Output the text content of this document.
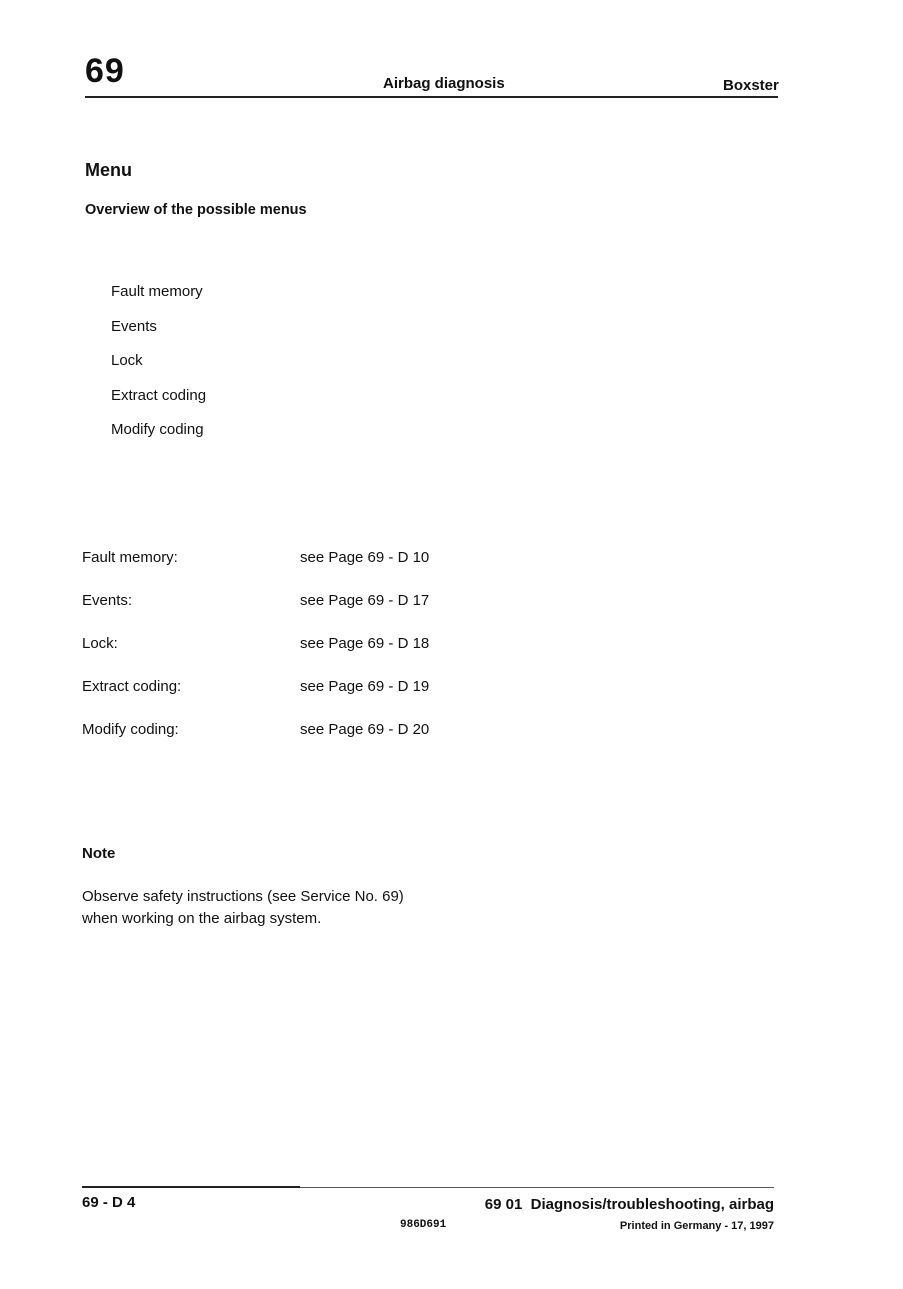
69	Airbag diagnosis	Boxster
Menu
Overview of the possible menus
Fault memory
Events
Lock
Extract coding
Modify coding
Fault memory:	see Page 69 - D 10
Events:	see Page 69 - D 17
Lock:	see Page 69 - D 18
Extract coding:	see Page 69 - D 19
Modify coding:	see Page 69 - D 20
Note
Observe safety instructions (see Service No. 69)
when working on the airbag system.
69 - D 4	69 01  Diagnosis/troubleshooting, airbag
986D691	Printed in Germany - 17, 1997
